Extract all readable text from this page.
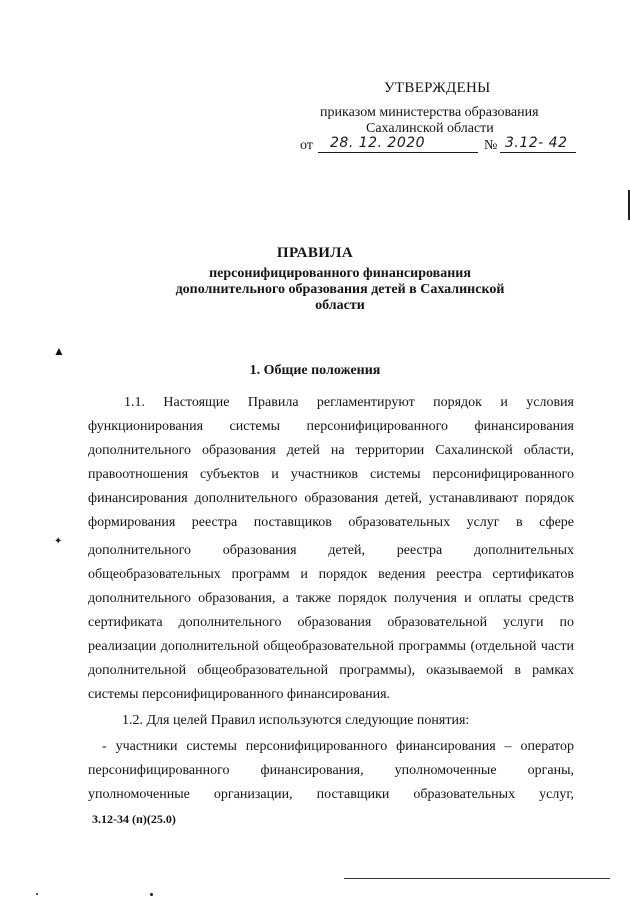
УТВЕРЖДЕНЫ
приказом министерства образования
Сахалинской области
от 28. 12. 2020	№ 3.12- 42
ПРАВИЛА
персонифицированного финансирования
дополнительного образования детей в Сахалинской
области
1. Общие положения
1.1. Настоящие Правила регламентируют порядок и условия
функционирования системы персонифицированного финансирования
дополнительного образования детей на территории Сахалинской области,
правоотношения субъектов и участников системы персонифицированного
финансирования дополнительного образования детей, устанавливают порядок
формирования реестра поставщиков образовательных услуг в сфере
дополнительного образования детей, реестра дополнительных
общеобразовательных программ и порядок ведения реестра сертификатов
дополнительного образования, а также порядок получения и оплаты средств
сертификата дополнительного образования образовательной услуги по
реализации дополнительной общеобразовательной программы (отдельной части
дополнительной общеобразовательной программы), оказываемой в рамках
системы персонифицированного финансирования.
1.2. Для целей Правил используются следующие понятия:
- участники системы персонифицированного финансирования – оператор
персонифицированного финансирования, уполномоченные органы,
уполномоченные организации, поставщики образовательных услуг,
3.12-34 (п)(25.0)
▲
✦
